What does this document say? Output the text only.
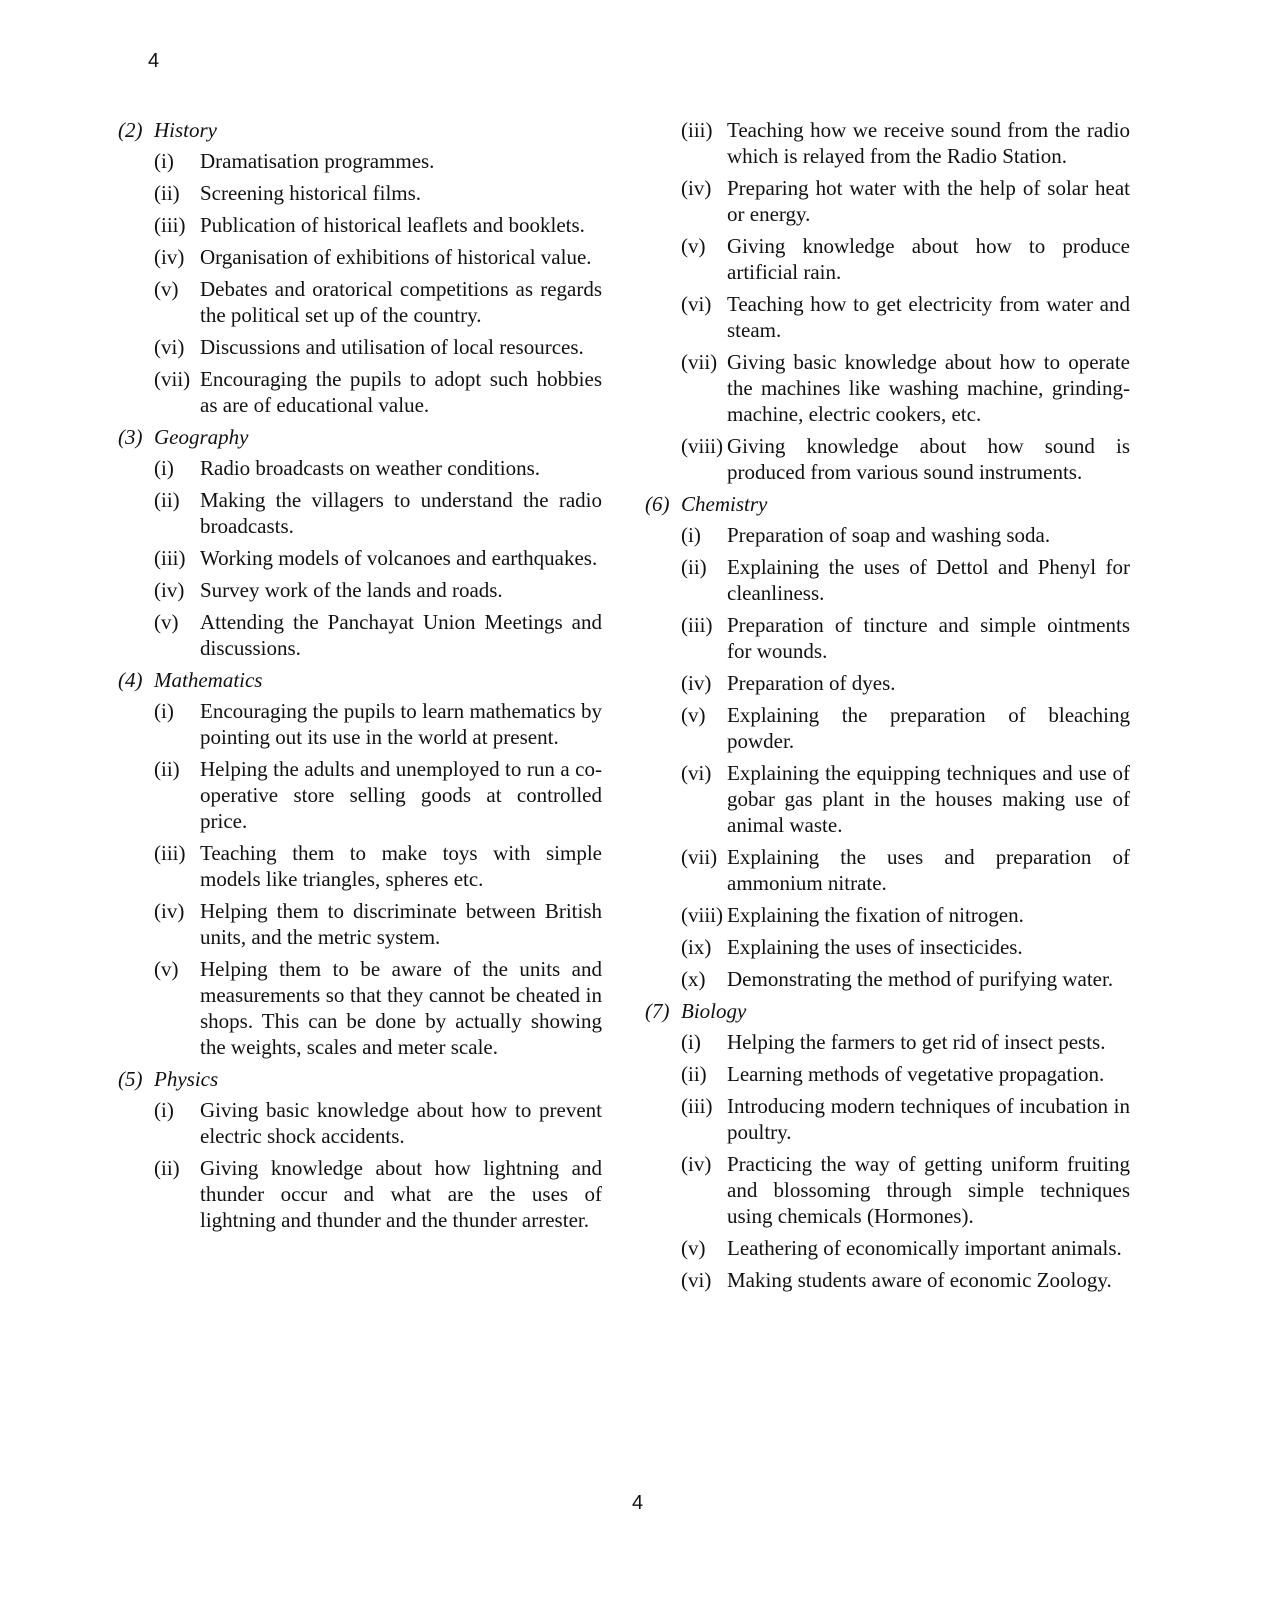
4
(2) History
(i) Dramatisation programmes.
(ii) Screening historical films.
(iii) Publication of historical leaflets and booklets.
(iv) Organisation of exhibitions of historical value.
(v) Debates and oratorical competitions as regards the political set up of the country.
(vi) Discussions and utilisation of local resources.
(vii) Encouraging the pupils to adopt such hobbies as are of educational value.
(3) Geography
(i) Radio broadcasts on weather conditions.
(ii) Making the villagers to understand the radio broadcasts.
(iii) Working models of volcanoes and earthquakes.
(iv) Survey work of the lands and roads.
(v) Attending the Panchayat Union Meetings and discussions.
(4) Mathematics
(i) Encouraging the pupils to learn mathematics by pointing out its use in the world at present.
(ii) Helping the adults and unemployed to run a co-operative store selling goods at controlled price.
(iii) Teaching them to make toys with simple models like triangles, spheres etc.
(iv) Helping them to discriminate between British units, and the metric system.
(v) Helping them to be aware of the units and measurements so that they cannot be cheated in shops. This can be done by actually showing the weights, scales and meter scale.
(5) Physics
(i) Giving basic knowledge about how to prevent electric shock accidents.
(ii) Giving knowledge about how lightning and thunder occur and what are the uses of lightning and thunder and the thunder arrester.
(iii) Teaching how we receive sound from the radio which is relayed from the Radio Station.
(iv) Preparing hot water with the help of solar heat or energy.
(v) Giving knowledge about how to produce artificial rain.
(vi) Teaching how to get electricity from water and steam.
(vii) Giving basic knowledge about how to operate the machines like washing machine, grinding-machine, electric cookers, etc.
(viii) Giving knowledge about how sound is produced from various sound instruments.
(6) Chemistry
(i) Preparation of soap and washing soda.
(ii) Explaining the uses of Dettol and Phenyl for cleanliness.
(iii) Preparation of tincture and simple ointments for wounds.
(iv) Preparation of dyes.
(v) Explaining the preparation of bleaching powder.
(vi) Explaining the equipping techniques and use of gobar gas plant in the houses making use of animal waste.
(vii) Explaining the uses and preparation of ammonium nitrate.
(viii) Explaining the fixation of nitrogen.
(ix) Explaining the uses of insecticides.
(x) Demonstrating the method of purifying water.
(7) Biology
(i) Helping the farmers to get rid of insect pests.
(ii) Learning methods of vegetative propagation.
(iii) Introducing modern techniques of incubation in poultry.
(iv) Practicing the way of getting uniform fruiting and blossoming through simple techniques using chemicals (Hormones).
(v) Leathering of economically important animals.
(vi) Making students aware of economic Zoology.
4
